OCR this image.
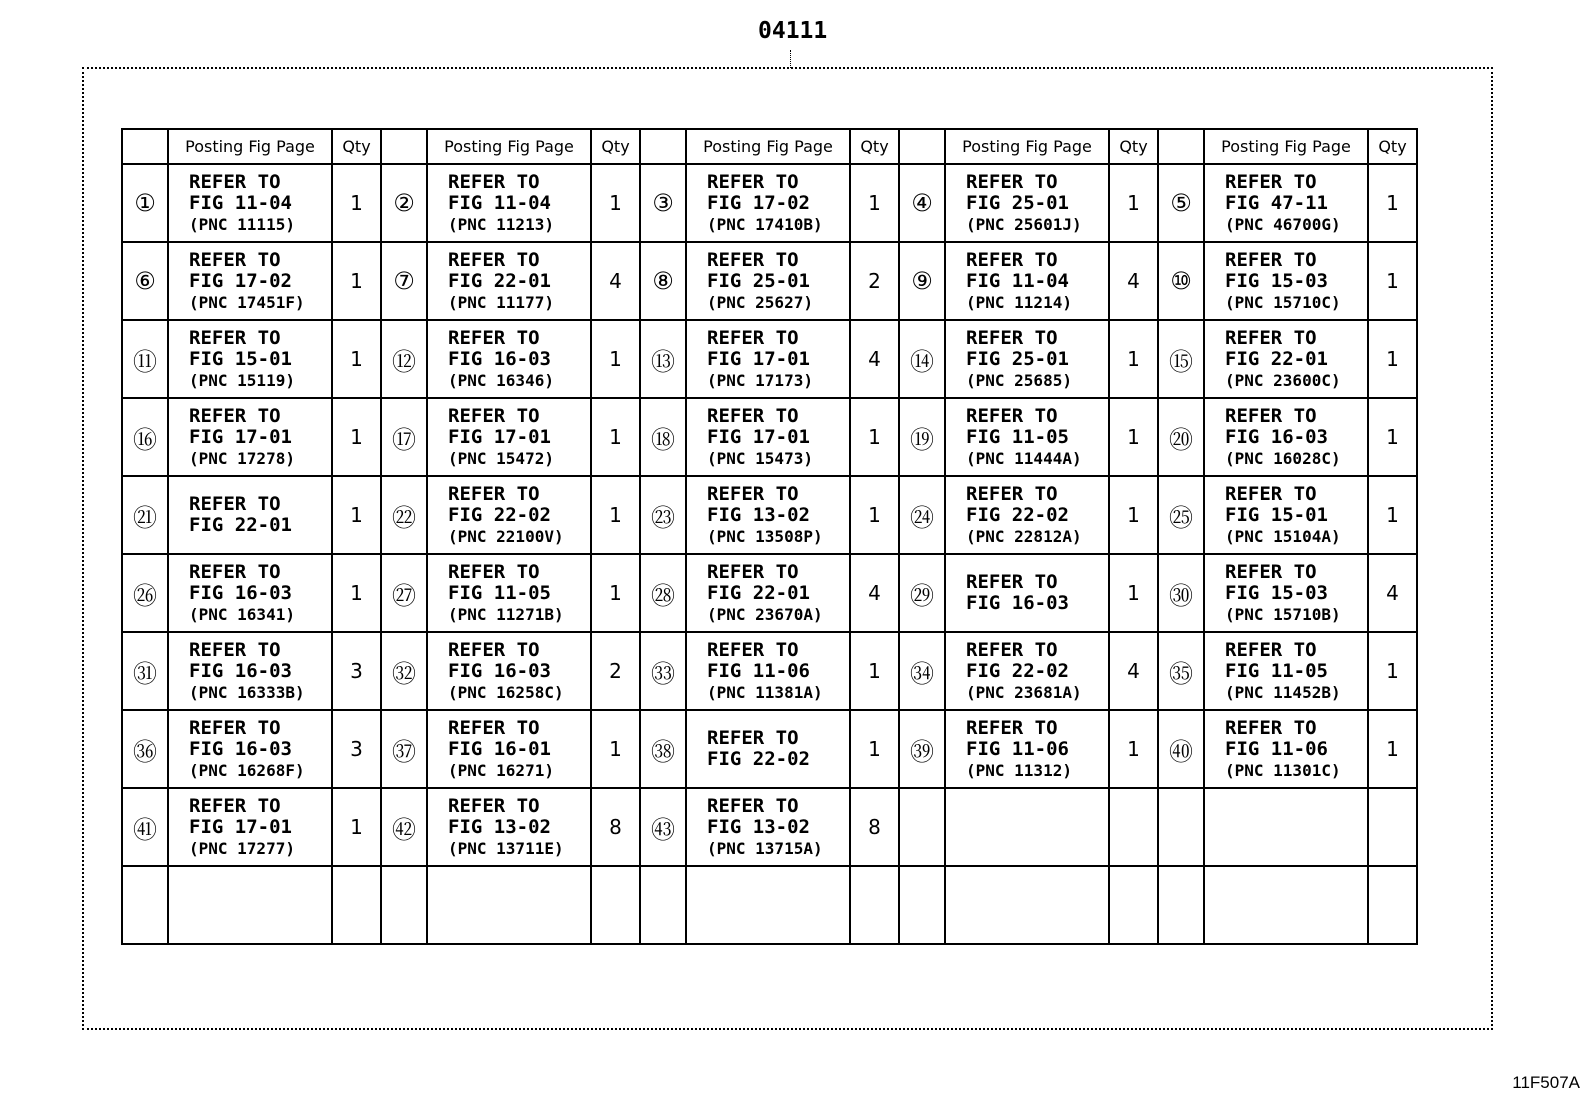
04111
	Posting Fig Page	Qty		Posting Fig Page	Qty		Posting Fig Page	Qty		Posting Fig Page	Qty		Posting Fig Page	Qty
①	REFER TO
FIG 11-04
(PNC 11115)	1	②	REFER TO
FIG 11-04
(PNC 11213)	1	③	REFER TO
FIG 17-02
(PNC 17410B)	1	④	REFER TO
FIG 25-01
(PNC 25601J)	1	⑤	REFER TO
FIG 47-11
(PNC 46700G)	1
⑥	REFER TO
FIG 17-02
(PNC 17451F)	1	⑦	REFER TO
FIG 22-01
(PNC 11177)	4	⑧	REFER TO
FIG 25-01
(PNC 25627)	2	⑨	REFER TO
FIG 11-04
(PNC 11214)	4	⑩	REFER TO
FIG 15-03
(PNC 15710C)	1
⑪	REFER TO
FIG 15-01
(PNC 15119)	1	⑫	REFER TO
FIG 16-03
(PNC 16346)	1	⑬	REFER TO
FIG 17-01
(PNC 17173)	4	⑭	REFER TO
FIG 25-01
(PNC 25685)	1	⑮	REFER TO
FIG 22-01
(PNC 23600C)	1
⑯	REFER TO
FIG 17-01
(PNC 17278)	1	⑰	REFER TO
FIG 17-01
(PNC 15472)	1	⑱	REFER TO
FIG 17-01
(PNC 15473)	1	⑲	REFER TO
FIG 11-05
(PNC 11444A)	1	⑳	REFER TO
FIG 16-03
(PNC 16028C)	1
㉑	REFER TO
FIG 22-01	1	㉒	REFER TO
FIG 22-02
(PNC 22100V)	1	㉓	REFER TO
FIG 13-02
(PNC 13508P)	1	㉔	REFER TO
FIG 22-02
(PNC 22812A)	1	㉕	REFER TO
FIG 15-01
(PNC 15104A)	1
㉖	REFER TO
FIG 16-03
(PNC 16341)	1	㉗	REFER TO
FIG 11-05
(PNC 11271B)	1	㉘	REFER TO
FIG 22-01
(PNC 23670A)	4	㉙	REFER TO
FIG 16-03	1	㉚	REFER TO
FIG 15-03
(PNC 15710B)	4
㉛	REFER TO
FIG 16-03
(PNC 16333B)	3	㉜	REFER TO
FIG 16-03
(PNC 16258C)	2	㉝	REFER TO
FIG 11-06
(PNC 11381A)	1	㉞	REFER TO
FIG 22-02
(PNC 23681A)	4	㉟	REFER TO
FIG 11-05
(PNC 11452B)	1
㊱	REFER TO
FIG 16-03
(PNC 16268F)	3	㊲	REFER TO
FIG 16-01
(PNC 16271)	1	㊳	REFER TO
FIG 22-02	1	㊴	REFER TO
FIG 11-06
(PNC 11312)	1	㊵	REFER TO
FIG 11-06
(PNC 11301C)	1
㊶	REFER TO
FIG 17-01
(PNC 17277)	1	㊷	REFER TO
FIG 13-02
(PNC 13711E)	8	㊸	REFER TO
FIG 13-02
(PNC 13715A)	8		

11F507A
